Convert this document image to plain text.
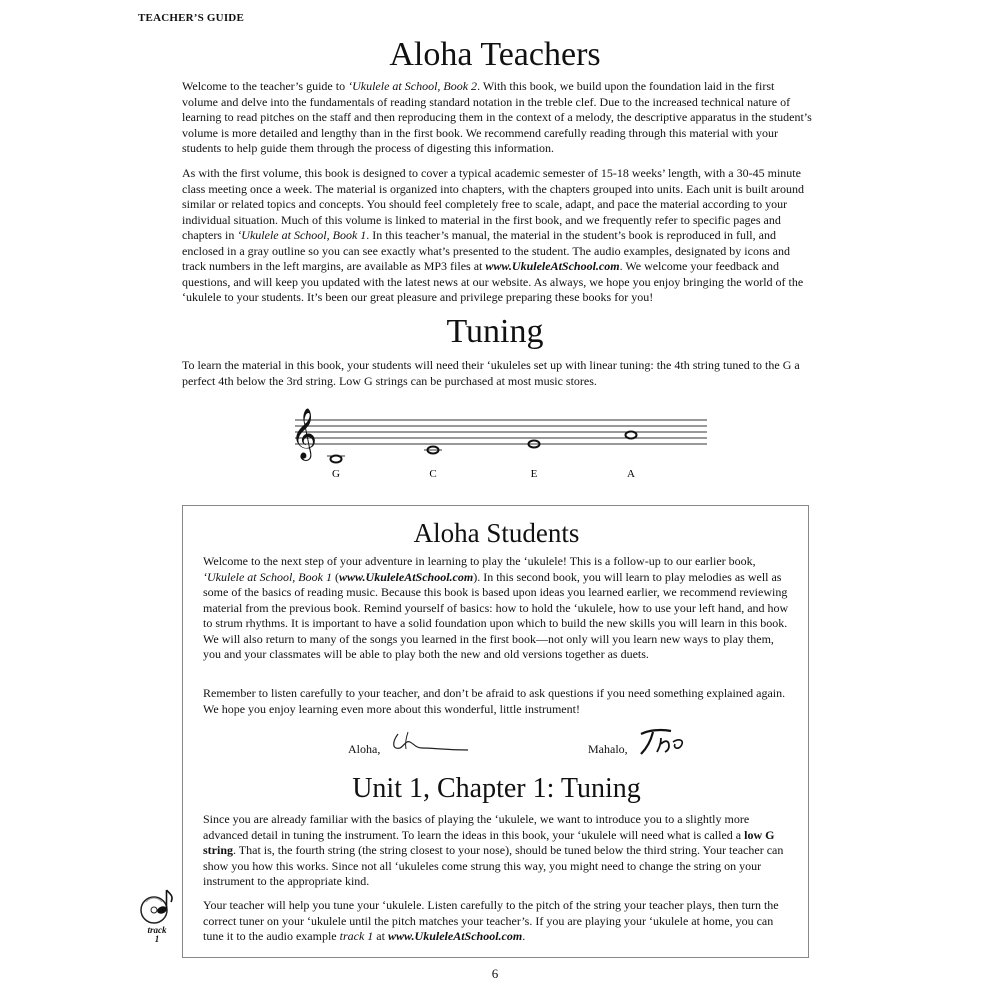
TEACHER’S GUIDE
Aloha Teachers

Welcome to the teacher’s guide to ‘Ukulele at School, Book 2. With this book, we build upon the foundation laid in the first volume and delve into the fundamentals of reading standard notation in the treble clef. Due to the increased technical nature of learning to read pitches on the staff and then reproducing them in the context of a melody, the descriptive apparatus in the student’s volume is more detailed and lengthy than in the first book. We recommend carefully reading through this material with your students to help guide them through the process of digesting this information.

As with the first volume, this book is designed to cover a typical academic semester of 15-18 weeks’ length, with a 30-45 minute class meeting once a week. The material is organized into chapters, with the chapters grouped into units. Each unit is built around similar or related topics and concepts. You should feel completely free to scale, adapt, and pace the material according to your individual situation. Much of this volume is linked to material in the first book, and we frequently refer to specific pages and chapters in ‘Ukulele at School, Book 1. In this teacher’s manual, the material in the student’s book is reproduced in full, and enclosed in a gray outline so you can see exactly what’s presented to the student. The audio examples, designated by icons and track numbers in the left margins, are available as MP3 files at www.UkuleleAtSchool.com. We welcome your feedback and questions, and will keep you updated with the latest news at our website. As always, we hope you enjoy bringing the world of the ‘ukulele to your students. It’s been our great pleasure and privilege preparing these books for you!

Tuning

To learn the material in this book, your students will need their ‘ukuleles set up with linear tuning: the 4th string tuned to the G a perfect 4th below the 3rd string. Low G strings can be purchased at most music stores.

𝄞
G	C	E	A
Aloha Students

Welcome to the next step of your adventure in learning to play the ‘ukulele! This is a follow-up to our earlier book, ‘Ukulele at School, Book 1 (www.UkuleleAtSchool.com). In this second book, you will learn to play melodies as well as some of the basics of reading music. Because this book is based upon ideas you learned earlier, we recommend reviewing material from the previous book. Remind yourself of basics: how to hold the ‘ukulele, how to use your left hand, and how to strum rhythms. It is important to have a solid foundation upon which to build the new skills you will learn in this book. We will also return to many of the songs you learned in the first book—not only will you learn new ways to play them, you and your classmates will be able to play both the new and old versions together as duets.

Remember to listen carefully to your teacher, and don’t be afraid to ask questions if you need something explained again. We hope you enjoy learning even more about this wonderful, little instrument!

Aloha,	Mahalo,
Unit 1, Chapter 1: Tuning

Since you are already familiar with the basics of playing the ‘ukulele, we want to introduce you to a slightly more advanced detail in tuning the instrument. To learn the ideas in this book, your ‘ukulele will need what is called a low G string. That is, the fourth string (the string closest to your nose), should be tuned below the third string. Your teacher can show you how this works. Since not all ‘ukuleles come strung this way, you might need to change the string on your instrument to the appropriate kind.

Your teacher will help you tune your ‘ukulele. Listen carefully to the pitch of the string your teacher plays, then turn the correct tuner on your ‘ukulele until the pitch matches your teacher’s. If you are playing your ‘ukulele at home, you can tune it to the audio example track 1 at www.UkuleleAtSchool.com.

track
1
6
